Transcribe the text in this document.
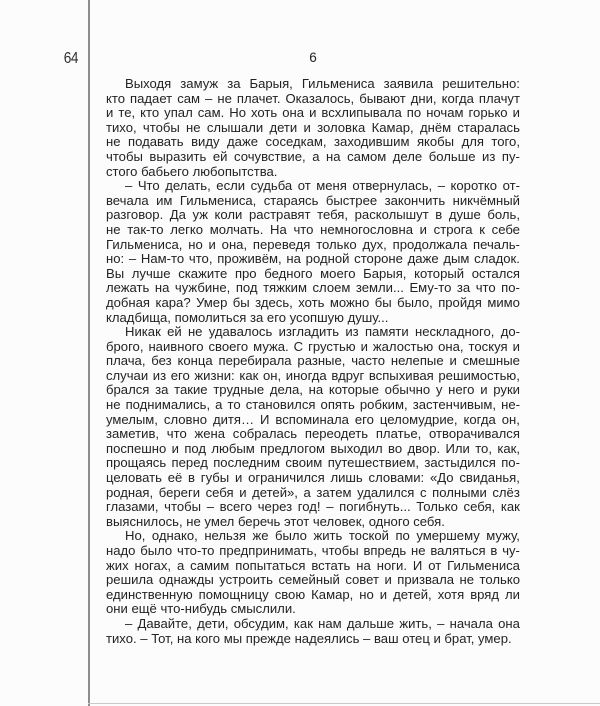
64	6
Выходя замуж за Барыя, Гильмениса заявила решительно:
кто падает сам – не плачет. Оказалось, бывают дни, когда плачут
и те, кто упал сам. Но хоть она и всхлипывала по ночам горько и
тихо, чтобы не слышали дети и золовка Камар, днём старалась
не подавать виду даже соседкам, заходившим якобы для того,
чтобы выразить ей сочувствие, а на самом деле больше из пу-
стого бабьего любопытства.
– Что делать, если судьба от меня отвернулась, – коротко от-
вечала им Гильмениса, стараясь быстрее закончить никчёмный
разговор. Да уж коли растравят тебя, расколышут в душе боль,
не так-то легко молчать. На что немногословна и строга к себе
Гильмениса, но и она, переведя только дух, продолжала печаль-
но: – Нам-то что, проживём, на родной стороне даже дым сладок.
Вы лучше скажите про бедного моего Барыя, который остался
лежать на чужбине, под тяжким слоем земли... Ему-то за что по-
добная кара? Умер бы здесь, хоть можно бы было, пройдя мимо
кладбища, помолиться за его усопшую душу...
Никак ей не удавалось изгладить из памяти нескладного, до-
брого, наивного своего мужа. С грустью и жалостью она, тоскуя и
плача, без конца перебирала разные, часто нелепые и смешные
случаи из его жизни: как он, иногда вдруг вспыхивая решимостью,
брался за такие трудные дела, на которые обычно у него и руки
не поднимались, а то становился опять робким, застенчивым, не-
умелым, словно дитя… И вспоминала его целомудрие, когда он,
заметив, что жена собралась переодеть платье, отворачивался
поспешно и под любым предлогом выходил во двор. Или то, как,
прощаясь перед последним своим путешествием, застыдился по-
целовать её в губы и ограничился лишь словами: «До свиданья,
родная, береги себя и детей», а затем удалился с полными слёз
глазами, чтобы – всего через год! – погибнуть... Только себя, как
выяснилось, не умел беречь этот человек, одного себя.
Но, однако, нельзя же было жить тоской по умершему мужу,
надо было что-то предпринимать, чтобы впредь не валяться в чу-
жих ногах, а самим попытаться встать на ноги. И от Гильмениса
решила однажды устроить семейный совет и призвала не только
единственную помощницу свою Камар, но и детей, хотя вряд ли
они ещё что-нибудь смыслили.
– Давайте, дети, обсудим, как нам дальше жить, – начала она
тихо. – Тот, на кого мы прежде надеялись – ваш отец и брат, умер.
